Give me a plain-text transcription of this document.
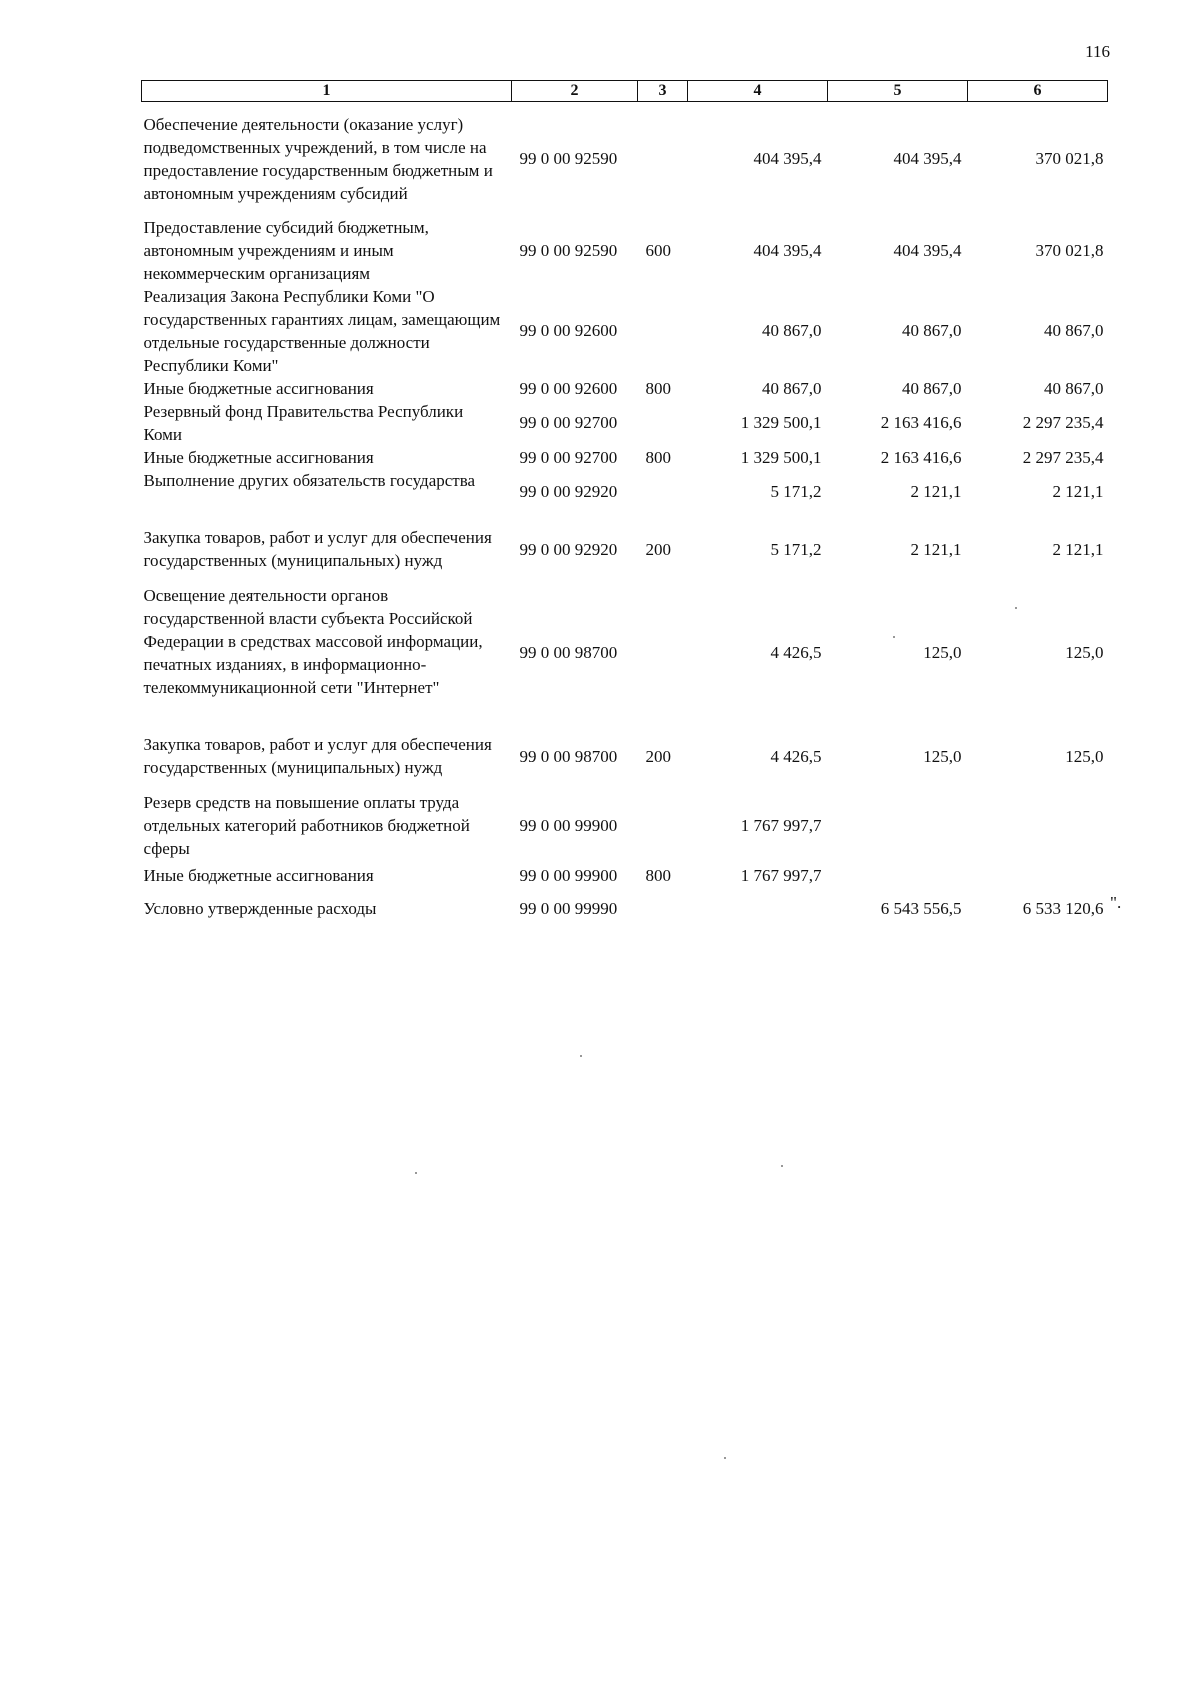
116
1	2	3	4	5	6
Обеспечение деятельности (оказание услуг) подведомственных учреждений, в том числе на предоставление государственным бюджетным и автономным учреждениям субсидий	99 0 00 92590		404 395,4	404 395,4	370 021,8
Предоставление субсидий бюджетным, автономным учреждениям и иным некоммерческим организациям	99 0 00 92590	600	404 395,4	404 395,4	370 021,8
Реализация Закона Республики Коми "О государственных гарантиях лицам, замещающим отдельные государственные должности Республики Коми"	99 0 00 92600		40 867,0	40 867,0	40 867,0
Иные бюджетные ассигнования	99 0 00 92600	800	40 867,0	40 867,0	40 867,0
Резервный фонд Правительства Республики Коми	99 0 00 92700		1 329 500,1	2 163 416,6	2 297 235,4
Иные бюджетные ассигнования	99 0 00 92700	800	1 329 500,1	2 163 416,6	2 297 235,4
Выполнение других обязательств государства	99 0 00 92920		5 171,2	2 121,1	2 121,1
Закупка товаров, работ и услуг для обеспечения государственных (муниципальных) нужд	99 0 00 92920	200	5 171,2	2 121,1	2 121,1
Освещение деятельности органов государственной власти субъекта Российской Федерации в средствах массовой информации, печатных изданиях, в информационно-телекоммуникационной сети "Интернет"	99 0 00 98700		4 426,5	125,0	125,0
Закупка товаров, работ и услуг для обеспечения государственных (муниципальных) нужд	99 0 00 98700	200	4 426,5	125,0	125,0
Резерв средств на повышение оплаты труда отдельных категорий работников бюджетной сферы	99 0 00 99900		1 767 997,7		
Иные бюджетные ассигнования	99 0 00 99900	800	1 767 997,7		
Условно утвержденные расходы	99 0 00 99990			6 543 556,5	6 533 120,6 ".
